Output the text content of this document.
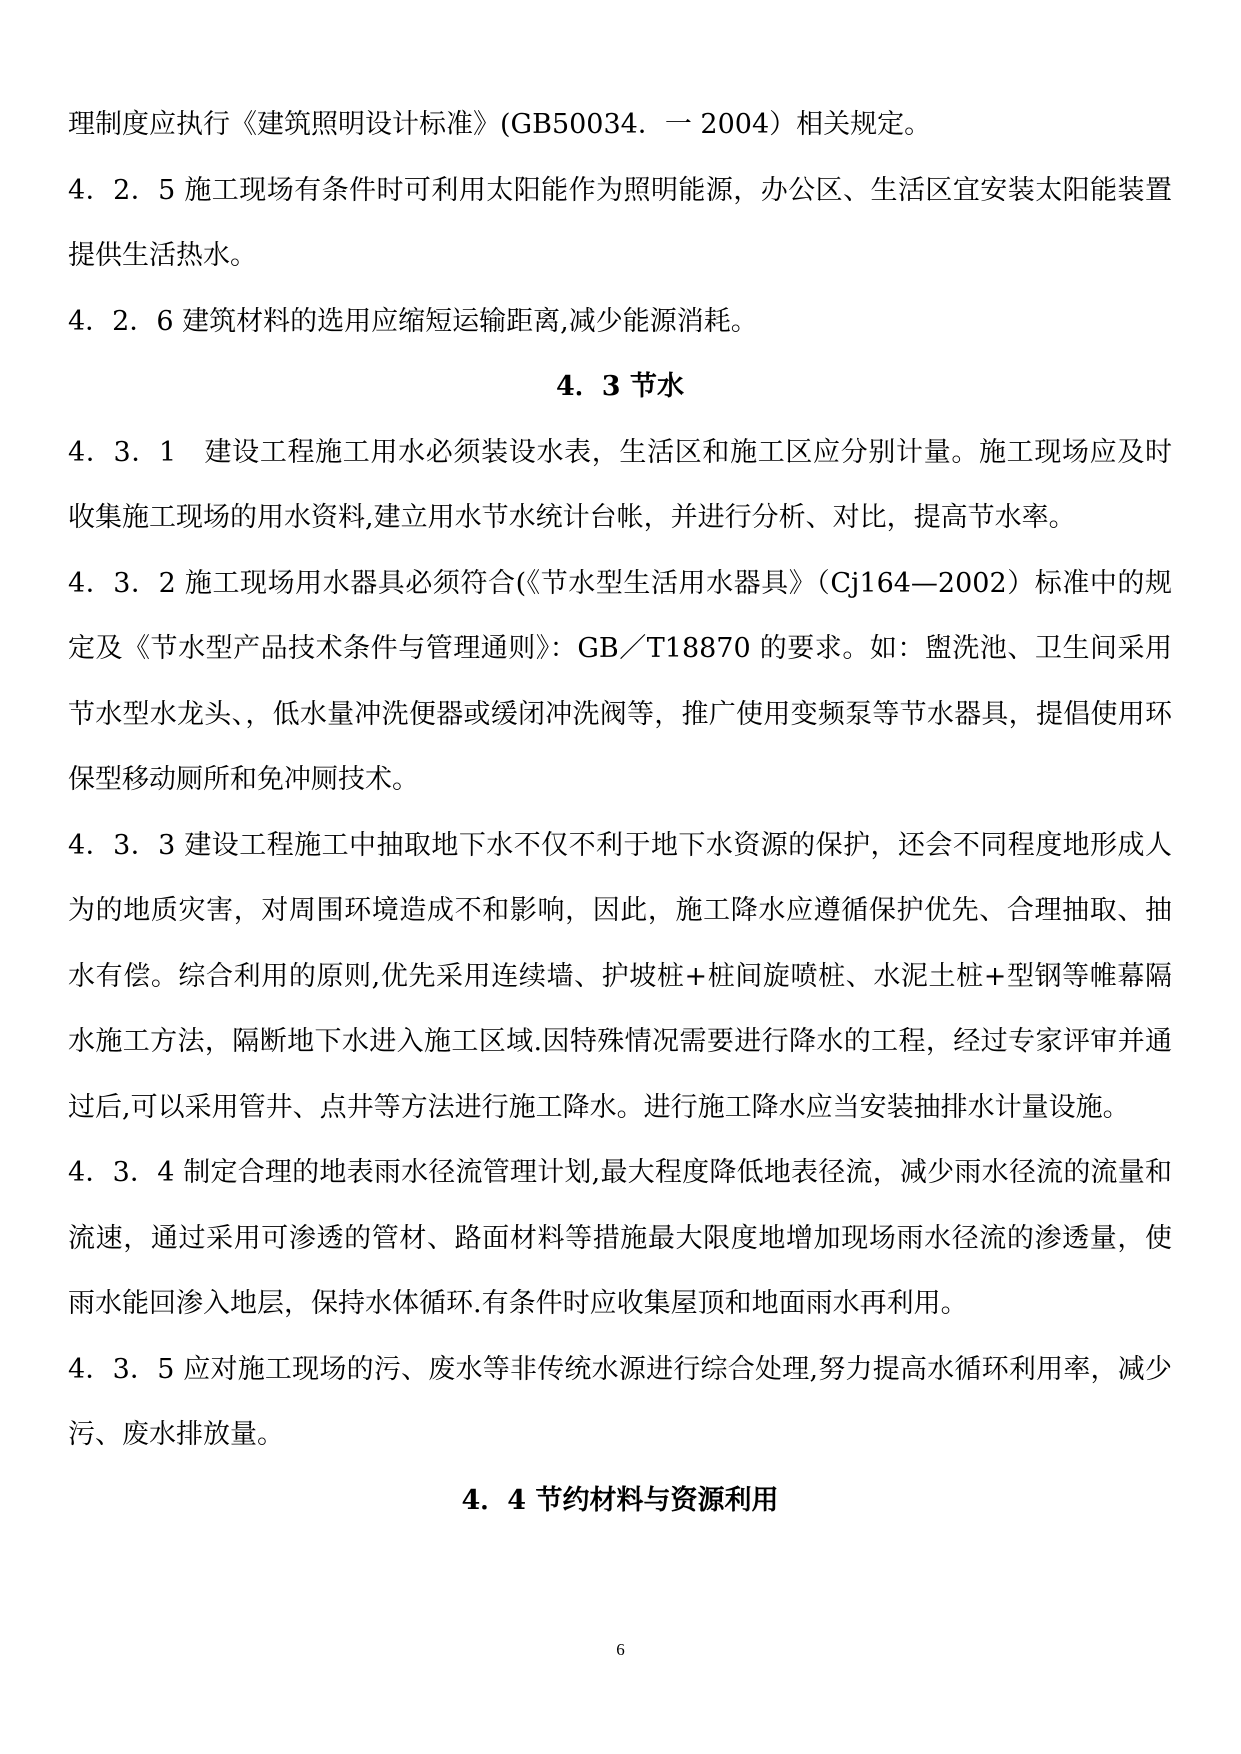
理制度应执行《建筑照明设计标准》(GB50034．一 2004）相关规定。

4．2．5 施工现场有条件时可利用太阳能作为照明能源，办公区、生活区宜安装太阳能装置提供生活热水。

4．2．6 建筑材料的选用应缩短运输距离,减少能源消耗。

4．3 节水

4．3．1　建设工程施工用水必须装设水表，生活区和施工区应分别计量。施工现场应及时收集施工现场的用水资料,建立用水节水统计台帐，并进行分析、对比，提高节水率。

4．3．2 施工现场用水器具必须符合(《节水型生活用水器具》（Cj164—2002）标准中的规定及《节水型产品技术条件与管理通则》：GB／T18870 的要求。如：盥洗池、卫生间采用节水型水龙头、，低水量冲洗便器或缓闭冲洗阀等，推广使用变频泵等节水器具，提倡使用环保型移动厕所和免冲厕技术。

4．3．3 建设工程施工中抽取地下水不仅不利于地下水资源的保护，还会不同程度地形成人为的地质灾害，对周围环境造成不和影响，因此，施工降水应遵循保护优先、合理抽取、抽水有偿。综合利用的原则,优先采用连续墙、护坡桩+桩间旋喷桩、水泥土桩+型钢等帷幕隔水施工方法，隔断地下水进入施工区域.因特殊情况需要进行降水的工程，经过专家评审并通过后,可以采用管井、点井等方法进行施工降水。进行施工降水应当安装抽排水计量设施。

4．3．4 制定合理的地表雨水径流管理计划,最大程度降低地表径流，减少雨水径流的流量和流速，通过采用可渗透的管材、路面材料等措施最大限度地增加现场雨水径流的渗透量，使雨水能回渗入地层，保持水体循环.有条件时应收集屋顶和地面雨水再利用。

4．3．5 应对施工现场的污、废水等非传统水源进行综合处理,努力提高水循环利用率，减少污、废水排放量。

4．4 节约材料与资源利用

6
